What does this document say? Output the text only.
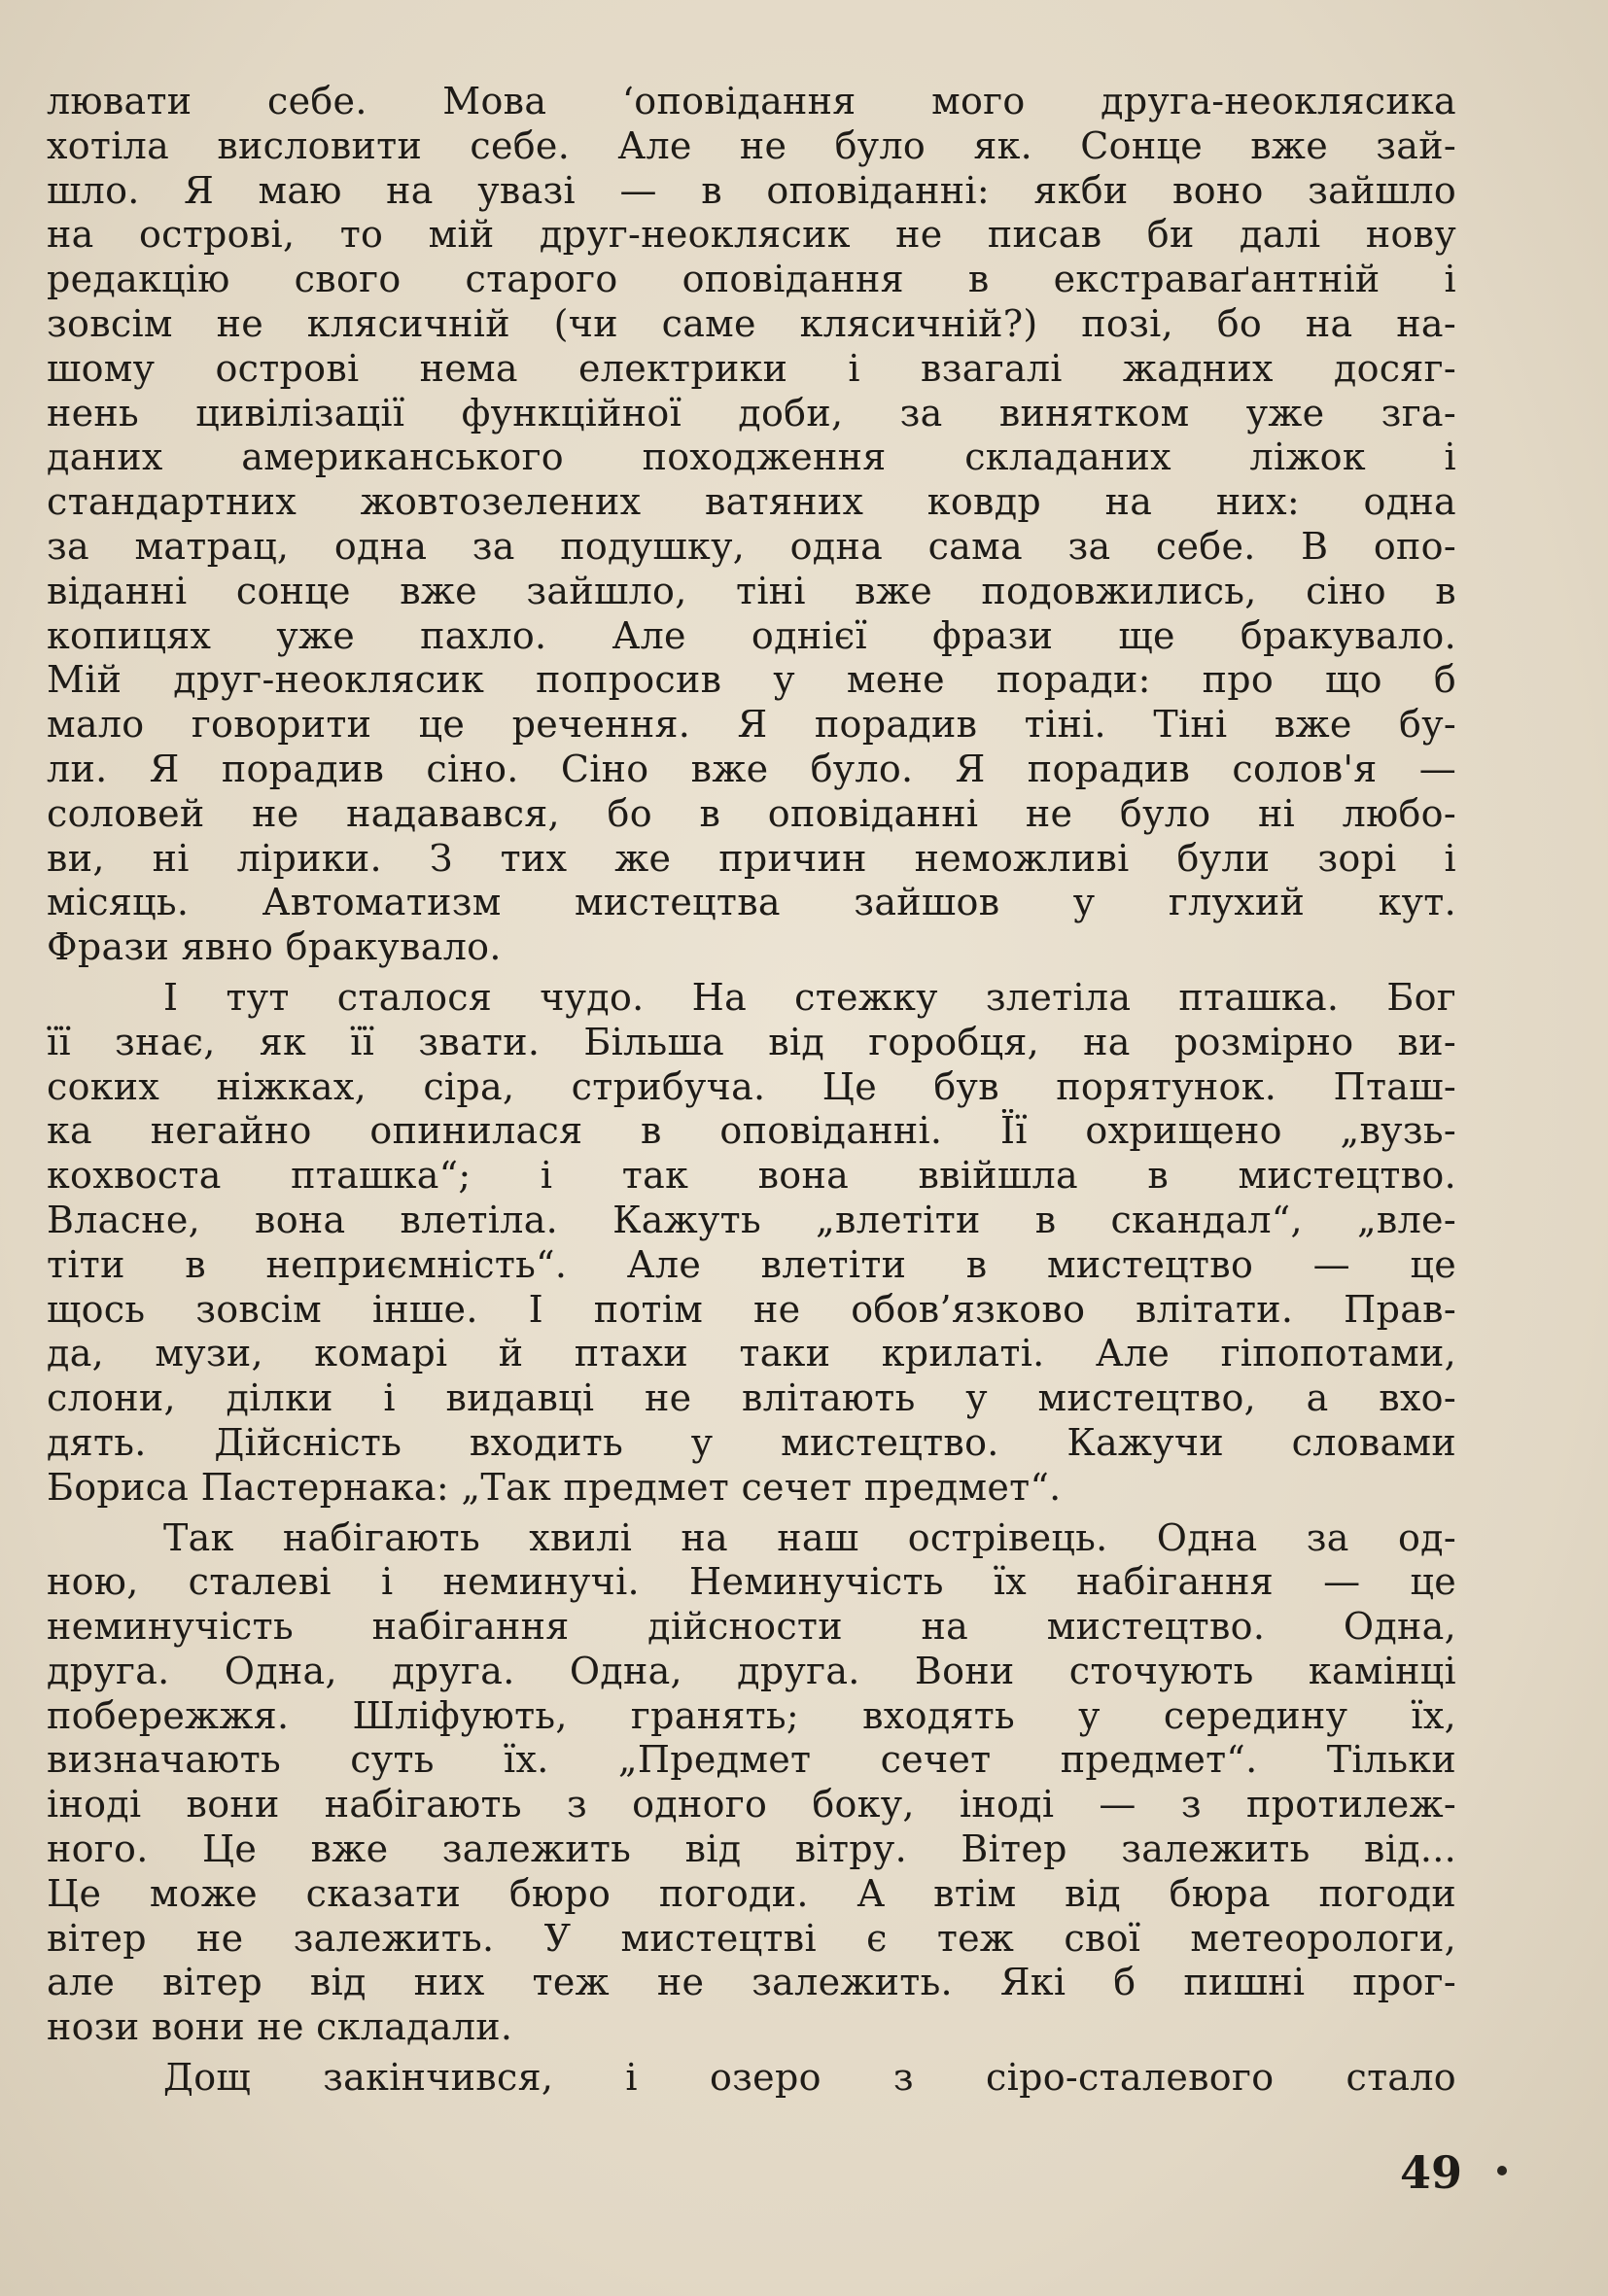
лювати себе. Мова ‘оповідання мого друга-неоклясика
хотіла висловити себе. Але не було як. Сонце вже зай-
шло. Я маю на увазі — в оповіданні: якби воно зайшло
на острові, то мій друг-неоклясик не писав би далі нову
редакцію свого старого оповідання в екстраваґантній і
зовсім не клясичній (чи саме клясичній?) позі, бо на на-
шому острові нема електрики і взагалі жадних досяг-
нень цивілізації функційної доби, за винятком уже зга-
даних американського походження складаних ліжок і
стандартних жовтозелених ватяних ковдр на них: одна
за матрац, одна за подушку, одна сама за себе. В опо-
віданні сонце вже зайшло, тіні вже подовжились, сіно в
копицях уже пахло. Але однієї фрази ще бракувало.
Мій друг-неоклясик попросив у мене поради: про що б
мало говорити це речення. Я порадив тіні. Тіні вже бу-
ли. Я порадив сіно. Сіно вже було. Я порадив солов'я —
соловей не надавався, бо в оповіданні не було ні любо-
ви, ні лірики. З тих же причин неможливі були зорі і
місяць. Автоматизм мистецтва зайшов у глухий кут.
Фрази явно бракувало.
І тут сталося чудо. На стежку злетіла пташка. Бог
її знає, як її звати. Більша від горобця, на розмірно ви-
соких ніжках, сіра, стрибуча. Це був порятунок. Пташ-
ка негайно опинилася в оповіданні. Її охрищено „вузь-
кохвоста пташка“; і так вона ввійшла в мистецтво.
Власне, вона влетіла. Кажуть „влетіти в скандал“, „вле-
тіти в неприємність“. Але влетіти в мистецтво — це
щось зовсім інше. І потім не обов’язково влітати. Прав-
да, музи, комарі й птахи таки крилаті. Але гіпопотами,
слони, ділки і видавці не влітають у мистецтво, а вхо-
дять. Дійсність входить у мистецтво. Кажучи словами
Бориса Пастернака: „Так предмет сечет предмет“.
Так набігають хвилі на наш острівець. Одна за од-
ною, сталеві і неминучі. Неминучість їх набігання — це
неминучість набігання дійсности на мистецтво. Одна,
друга. Одна, друга. Одна, друга. Вони сточують камінці
побережжя. Шліфують, гранять; входять у середину їх,
визначають суть їх. „Предмет сечет предмет“. Тільки
іноді вони набігають з одного боку, іноді — з протилеж-
ного. Це вже залежить від вітру. Вітер залежить від...
Це може сказати бюро погоди. А втім від бюра погоди
вітер не залежить. У мистецтві є теж свої метеорологи,
але вітер від них теж не залежить. Які б пишні прог-
нози вони не складали.
Дощ закінчився, і озеро з сіро-сталевого стало
49
